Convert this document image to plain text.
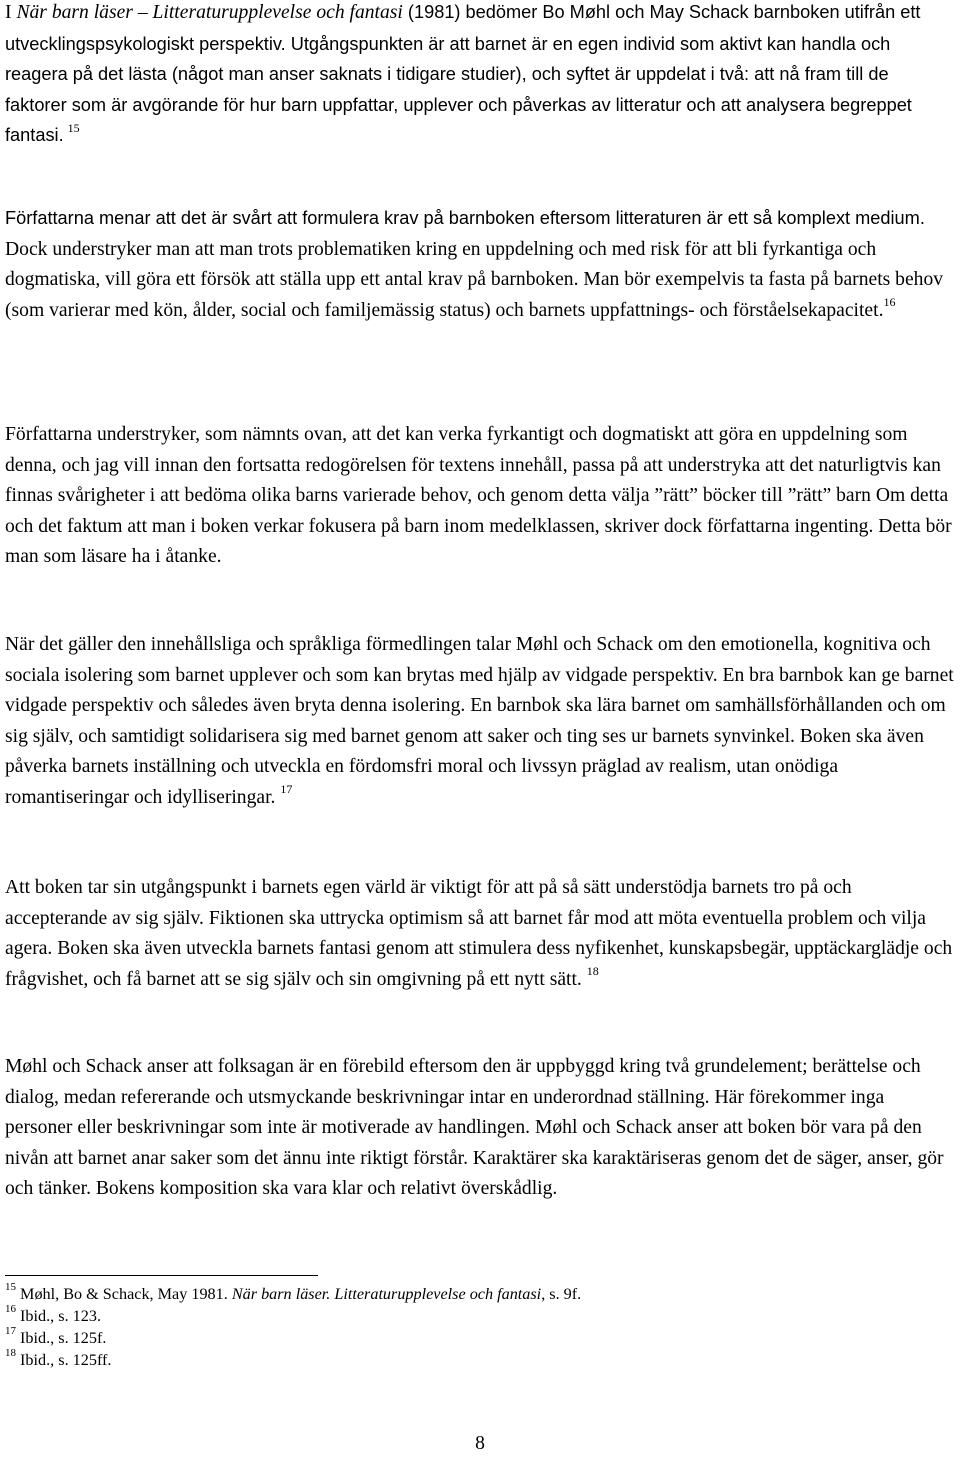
I När barn läser – Litteraturupplevelse och fantasi (1981) bedömer Bo Møhl och May Schack barnboken utifrån ett utvecklingspsykologiskt perspektiv. Utgångspunkten är att barnet är en egen individ som aktivt kan handla och reagera på det lästa (något man anser saknats i tidigare studier), och syftet är uppdelat i två: att nå fram till de faktorer som är avgörande för hur barn uppfattar, upplever och påverkas av litteratur och att analysera begreppet fantasi. $^{15}$

Författarna menar att det är svårt att formulera krav på barnboken eftersom litteraturen är ett så komplext medium. Dock understryker man att man trots problematiken kring en uppdelning och med risk för att bli fyrkantiga och dogmatiska, vill göra ett försök att ställa upp ett antal krav på barnboken. Man bör exempelvis ta fasta på barnets behov (som varierar med kön, ålder, social och familjemässig status) och barnets uppfattnings- och förståelsekapacitet.$^{16}$

Författarna understryker, som nämnts ovan, att det kan verka fyrkantigt och dogmatiskt att göra en uppdelning som denna, och jag vill innan den fortsatta redogörelsen för textens innehåll, passa på att understryka att det naturligtvis kan finnas svårigheter i att bedöma olika barns varierade behov, och genom detta välja ”rätt” böcker till ”rätt” barn Om detta och det faktum att man i boken verkar fokusera på barn inom medelklassen, skriver dock författarna ingenting. Detta bör man som läsare ha i åtanke.

När det gäller den innehållsliga och språkliga förmedlingen talar Møhl och Schack om den emotionella, kognitiva och sociala isolering som barnet upplever och som kan brytas med hjälp av vidgade perspektiv. En bra barnbok kan ge barnet vidgade perspektiv och således även bryta denna isolering. En barnbok ska lära barnet om samhällsförhållanden och om sig själv, och samtidigt solidarisera sig med barnet genom att saker och ting ses ur barnets synvinkel. Boken ska även påverka barnets inställning och utveckla en fördomsfri moral och livssyn präglad av realism, utan onödiga romantiseringar och idylliseringar. $^{17}$

Att boken tar sin utgångspunkt i barnets egen värld är viktigt för att på så sätt understödja barnets tro på och accepterande av sig själv. Fiktionen ska uttrycka optimism så att barnet får mod att möta eventuella problem och vilja agera. Boken ska även utveckla barnets fantasi genom att stimulera dess nyfikenhet, kunskapsbegär, upptäckarglädje och frågvishet, och få barnet att se sig själv och sin omgivning på ett nytt sätt. $^{18}$

Møhl och Schack anser att folksagan är en förebild eftersom den är uppbyggd kring två grundelement; berättelse och dialog, medan refererande och utsmyckande beskrivningar intar en underordnad ställning. Här förekommer inga personer eller beskrivningar som inte är motiverade av handlingen. Møhl och Schack anser att boken bör vara på den nivån att barnet anar saker som det ännu inte riktigt förstår. Karaktärer ska karaktäriseras genom det de säger, anser, gör och tänker. Bokens komposition ska vara klar och relativt överskådlig.

$^{15}$ Møhl, Bo & Schack, May 1981. När barn läser. Litteraturupplevelse och fantasi, s. 9f.

$^{16}$ Ibid., s. 123.

$^{17}$ Ibid., s. 125f.

$^{18}$ Ibid., s. 125ff.

8
